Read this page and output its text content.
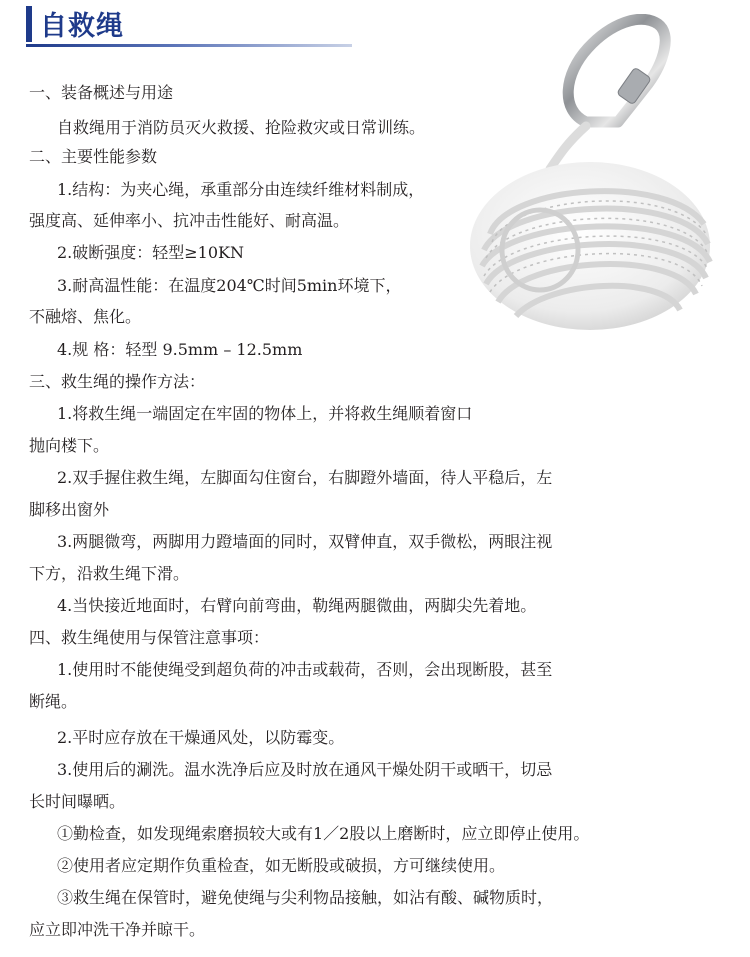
自救绳
一、装备概述与用途
自救绳用于消防员灭火救援、抢险救灾或日常训练。
二、主要性能参数
1.结构：为夹心绳，承重部分由连续纤维材料制成，
强度高、延伸率小、抗冲击性能好、耐高温。
2.破断强度：轻型≥10KN
3.耐高温性能：在温度204℃时间5min环境下，
不融熔、焦化。
4.规 格：轻型 9.5mm – 12.5mm
三、救生绳的操作方法：
1.将救生绳一端固定在牢固的物体上，并将救生绳顺着窗口
抛向楼下。
2.双手握住救生绳，左脚面勾住窗台，右脚蹬外墙面，待人平稳后，左
脚移出窗外
3.两腿微弯，两脚用力蹬墙面的同时，双臂伸直，双手微松，两眼注视
下方，沿救生绳下滑。
4.当快接近地面时，右臂向前弯曲，勒绳两腿微曲，两脚尖先着地。
四、救生绳使用与保管注意事项：
1.使用时不能使绳受到超负荷的冲击或载荷，否则，会出现断股，甚至
断绳。
2.平时应存放在干燥通风处，以防霉变。
3.使用后的涮洗。温水洗净后应及时放在通风干燥处阴干或晒干，切忌
长时间曝晒。
①勤检查，如发现绳索磨损较大或有1／2股以上磨断时，应立即停止使用。
②使用者应定期作负重检查，如无断股或破损，方可继续使用。
③救生绳在保管时，避免使绳与尖利物品接触，如沾有酸、碱物质时，
应立即冲洗干净并晾干。
